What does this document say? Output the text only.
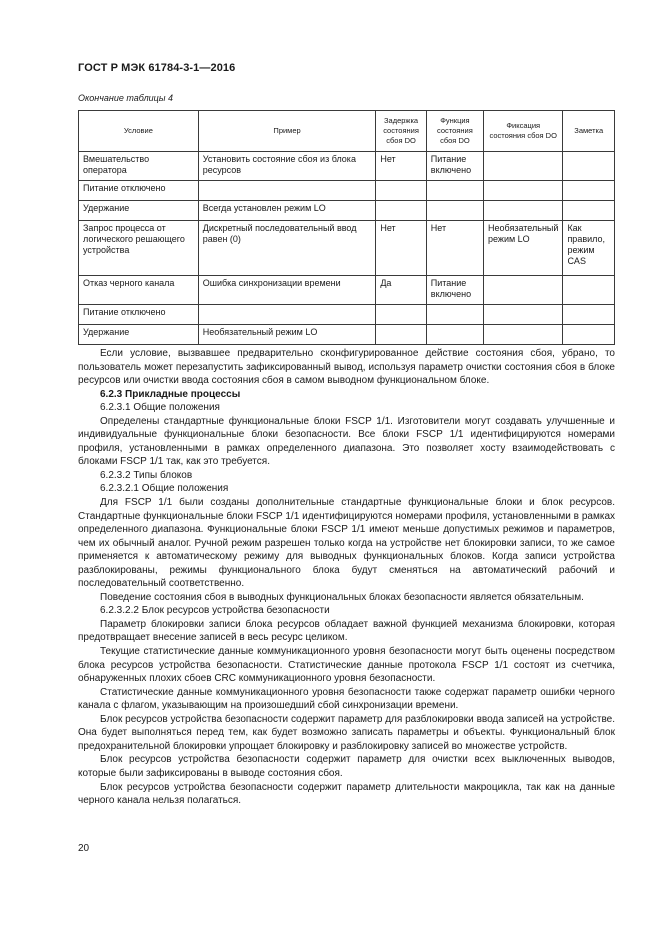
ГОСТ Р МЭК 61784-3-1—2016
Окончание таблицы 4
Условие	Пример	Задержка состояния сбоя DO	Функция состояния сбоя DO	Фиксация состояния сбоя DO	Заметка
Вмешательство оператора	Установить состояние сбоя из блока ресурсов	Нет	Питание включено		
Питание отключено					
Удержание	Всегда установлен режим LO				
Запрос процесса от логического решающего устройства	Дискретный последовательный ввод равен (0)	Нет	Нет	Необязательный режим LO	Как правило, режим CAS
Отказ черного канала	Ошибка синхронизации времени	Да	Питание включено		
Питание отключено					
Удержание	Необязательный режим LO				

Если условие, вызвавшее предварительно сконфигурированное действие состояния сбоя, убрано, то пользователь может перезапустить зафиксированный вывод, используя параметр очистки состояния сбоя в блоке ресурсов или очистки ввода состояния сбоя в самом выводном функциональном блоке.

6.2.3 Прикладные процессы

6.2.3.1 Общие положения

Определены стандартные функциональные блоки FSCP 1/1. Изготовители могут создавать улучшенные и индивидуальные функциональные блоки безопасности. Все блоки FSCP 1/1 идентифицируются номерами профиля, установленными в рамках определенного диапазона. Это позволяет хосту взаимодействовать с блоками FSCP 1/1 так, как это требуется.

6.2.3.2 Типы блоков

6.2.3.2.1 Общие положения

Для FSCP 1/1 были созданы дополнительные стандартные функциональные блоки и блок ресурсов. Стандартные функциональные блоки FSCP 1/1 идентифицируются номерами профиля, установленными в рамках определенного диапазона. Функциональные блоки FSCP 1/1 имеют меньше допустимых режимов и параметров, чем их обычный аналог. Ручной режим разрешен только когда на устройстве нет блокировки записи, то же самое применяется к автоматическому режиму для выводных функциональных блоков. Когда записи устройства разблокированы, режимы функционального блока будут сменяться на автоматический рабочий и последовательный соответственно.

Поведение состояния сбоя в выводных функциональных блоках безопасности является обязательным.

6.2.3.2.2 Блок ресурсов устройства безопасности

Параметр блокировки записи блока ресурсов обладает важной функцией механизма блокировки, которая предотвращает внесение записей в весь ресурс целиком.

Текущие статистические данные коммуникационного уровня безопасности могут быть оценены посредством блока ресурсов устройства безопасности. Статистические данные протокола FSCP 1/1 состоят из счетчика, обнаруженных плохих сбоев CRC коммуникационного уровня безопасности.

Статистические данные коммуникационного уровня безопасности также содержат параметр ошибки черного канала с флагом, указывающим на произошедший сбой синхронизации времени.

Блок ресурсов устройства безопасности содержит параметр для разблокировки ввода записей на устройстве. Она будет выполняться перед тем, как будет возможно записать параметры и объекты. Функциональный блок предохранительной блокировки упрощает блокировку и разблокировку записей во множестве устройств.

Блок ресурсов устройства безопасности содержит параметр для очистки всех выключенных выводов, которые были зафиксированы в выводе состояния сбоя.

Блок ресурсов устройства безопасности содержит параметр длительности макроцикла, так как на данные черного канала нельзя полагаться.

20
